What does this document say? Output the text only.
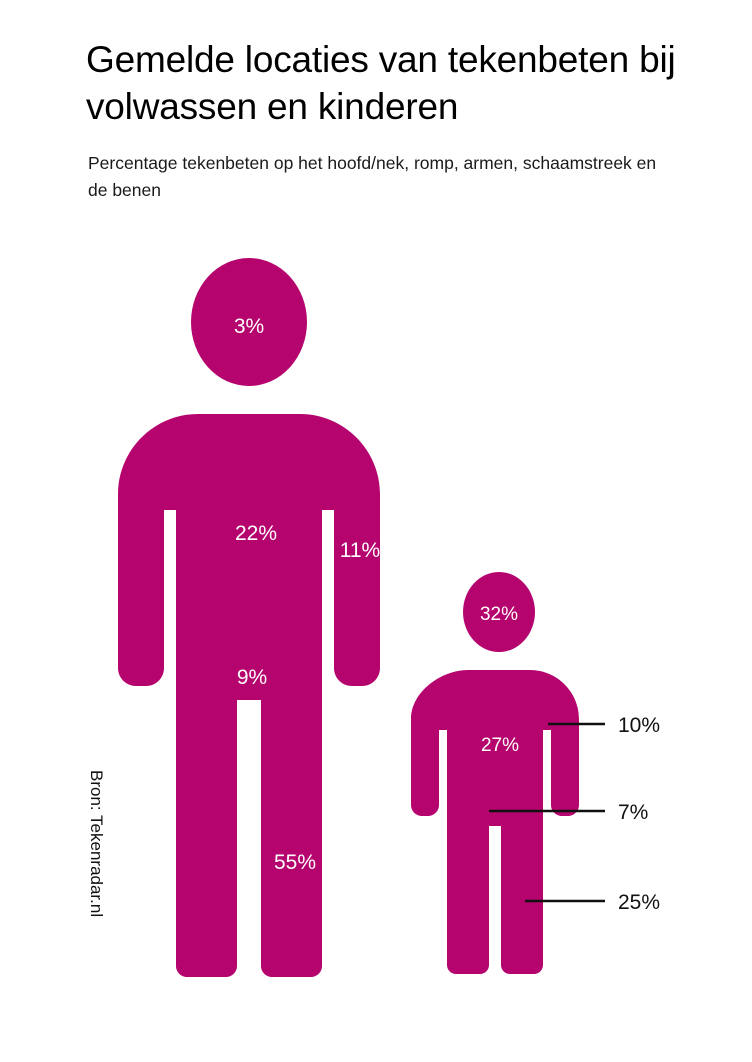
Gemelde locaties van tekenbeten bij volwassen en kinderen
Percentage tekenbeten op het hoofd/nek, romp, armen, schaamstreek en de benen
3%
22%
11%
9%
55%
32%
27%
10%
7%
25%
Bron: Tekenradar.nl
